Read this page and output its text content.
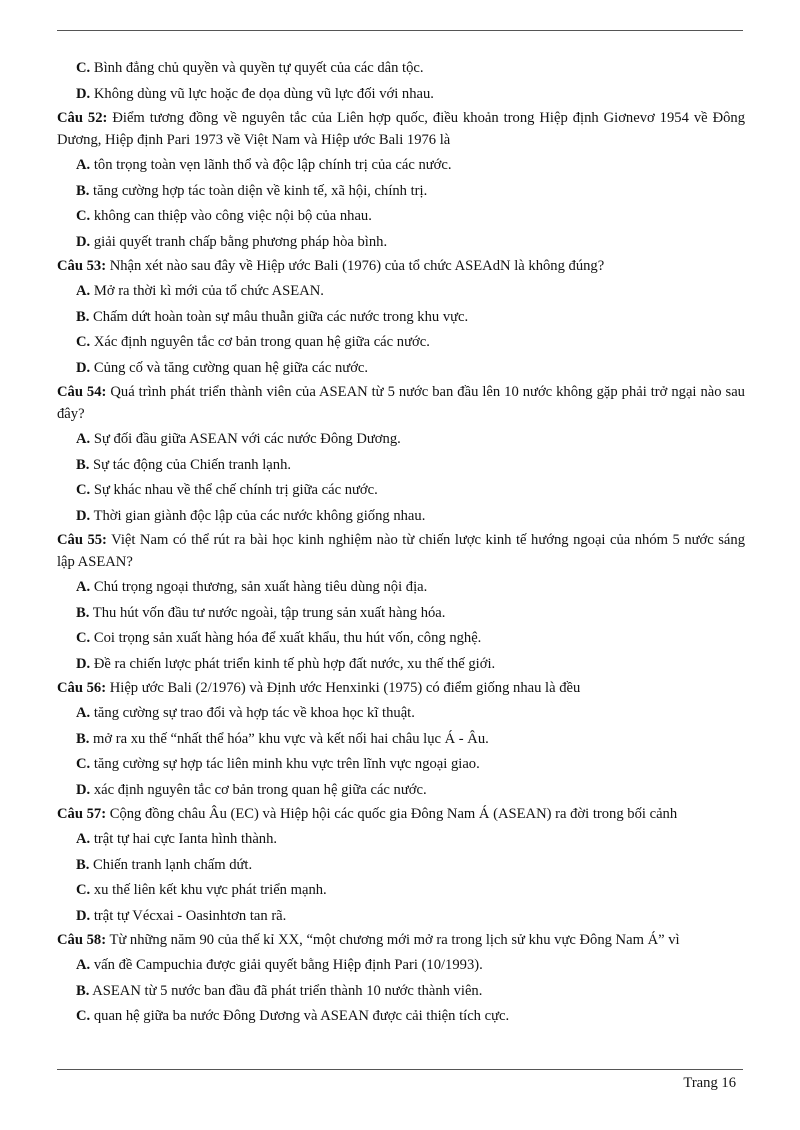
C. Bình đẳng chủ quyền và quyền tự quyết của các dân tộc.

D. Không dùng vũ lực hoặc đe dọa dùng vũ lực đối với nhau.

Câu 52: Điểm tương đồng về nguyên tắc của Liên hợp quốc, điều khoản trong Hiệp định Giơnevơ 1954 về Đông Dương, Hiệp định Pari 1973 về Việt Nam và Hiệp ước Bali 1976 là

A. tôn trọng toàn vẹn lãnh thổ và độc lập chính trị của các nước.

B. tăng cường hợp tác toàn diện về kinh tế, xã hội, chính trị.

C. không can thiệp vào công việc nội bộ của nhau.

D. giải quyết tranh chấp bằng phương pháp hòa bình.

Câu 53: Nhận xét nào sau đây về Hiệp ước Bali (1976) của tổ chức ASEAdN là không đúng?

A. Mở ra thời kì mới của tổ chức ASEAN.

B. Chấm dứt hoàn toàn sự mâu thuẫn giữa các nước trong khu vực.

C. Xác định nguyên tắc cơ bản trong quan hệ giữa các nước.

D. Củng cố và tăng cường quan hệ giữa các nước.

Câu 54: Quá trình phát triển thành viên của ASEAN từ 5 nước ban đầu lên 10 nước không gặp phải trở ngại nào sau đây?

A. Sự đối đầu giữa ASEAN với các nước Đông Dương.

B. Sự tác động của Chiến tranh lạnh.

C. Sự khác nhau về thể chế chính trị giữa các nước.

D. Thời gian giành độc lập của các nước không giống nhau.

Câu 55: Việt Nam có thể rút ra bài học kinh nghiệm nào từ chiến lược kinh tế hướng ngoại của nhóm 5 nước sáng lập ASEAN?

A. Chú trọng ngoại thương, sản xuất hàng tiêu dùng nội địa.

B. Thu hút vốn đầu tư nước ngoài, tập trung sản xuất hàng hóa.

C. Coi trọng sản xuất hàng hóa để xuất khẩu, thu hút vốn, công nghệ.

D. Đề ra chiến lược phát triển kinh tế phù hợp đất nước, xu thế thế giới.

Câu 56: Hiệp ước Bali (2/1976) và Định ước Henxinki (1975) có điểm giống nhau là đều

A. tăng cường sự trao đổi và hợp tác về khoa học kĩ thuật.

B. mở ra xu thế “nhất thể hóa” khu vực và kết nối hai châu lục Á - Âu.

C. tăng cường sự hợp tác liên minh khu vực trên lĩnh vực ngoại giao.

D. xác định nguyên tắc cơ bản trong quan hệ giữa các nước.

Câu 57: Cộng đồng châu Âu (EC) và Hiệp hội các quốc gia Đông Nam Á (ASEAN) ra đời trong bối cảnh

A. trật tự hai cực Ianta hình thành.

B. Chiến tranh lạnh chấm dứt.

C. xu thế liên kết khu vực phát triển mạnh.

D. trật tự Vécxai - Oasinhtơn tan rã.

Câu 58: Từ những năm 90 của thế kỉ XX, “một chương mới mở ra trong lịch sử khu vực Đông Nam Á” vì

A. vấn đề Campuchia được giải quyết bằng Hiệp định Pari (10/1993).

B. ASEAN từ 5 nước ban đầu đã phát triển thành 10 nước thành viên.

C. quan hệ giữa ba nước Đông Dương và ASEAN được cải thiện tích cực.

Trang 16
